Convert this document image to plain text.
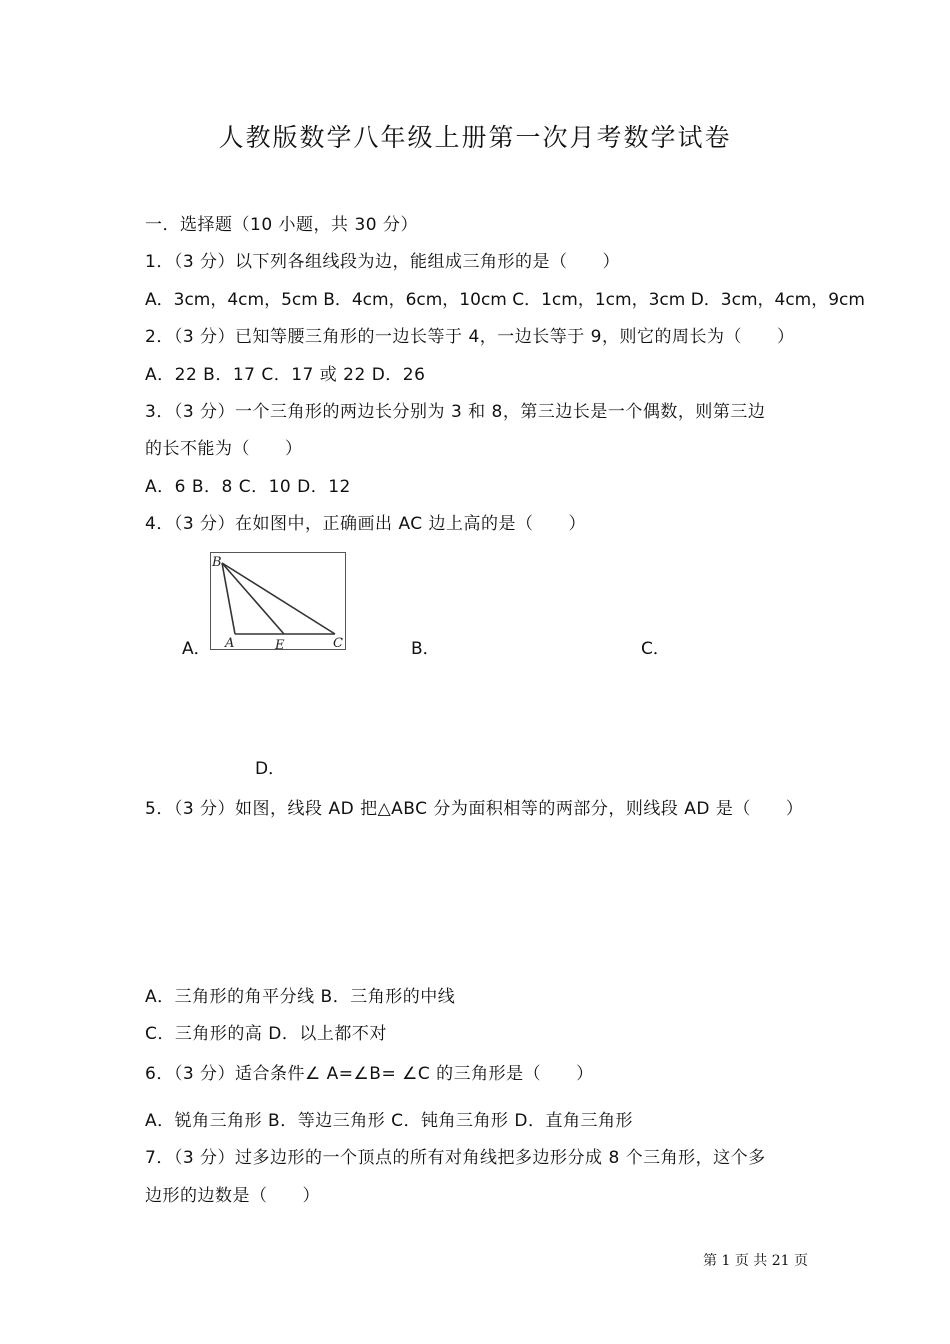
人教版数学八年级上册第一次月考数学试卷
一．选择题（10 小题，共 30 分）
1．（3 分）以下列各组线段为边，能组成三角形的是（　　）
A．3cm，4cm，5cm B．4cm，6cm，10cm C．1cm，1cm，3cm D．3cm，4cm，9cm
2．（3 分）已知等腰三角形的一边长等于 4，一边长等于 9，则它的周长为（　　）
A．22 B．17 C．17 或 22 D．26
3．（3 分）一个三角形的两边长分别为 3 和 8，第三边长是一个偶数，则第三边
的长不能为（　　）
A．6 B．8 C．10 D．12
4．（3 分）在如图中，正确画出 AC 边上高的是（　　）
A．
B
A	E	C	B．	C．
D．
5．（3 分）如图，线段 AD 把△ABC 分为面积相等的两部分，则线段 AD 是（　　）
A．三角形的角平分线 B．三角形的中线
C．三角形的高 D．以上都不对
6．（3 分）适合条件∠ A=∠B= ∠C 的三角形是（　　）
A．锐角三角形 B．等边三角形 C．钝角三角形 D．直角三角形
7．（3 分）过多边形的一个顶点的所有对角线把多边形分成 8 个三角形，这个多
边形的边数是（　　）
第 1 页 共 21 页
